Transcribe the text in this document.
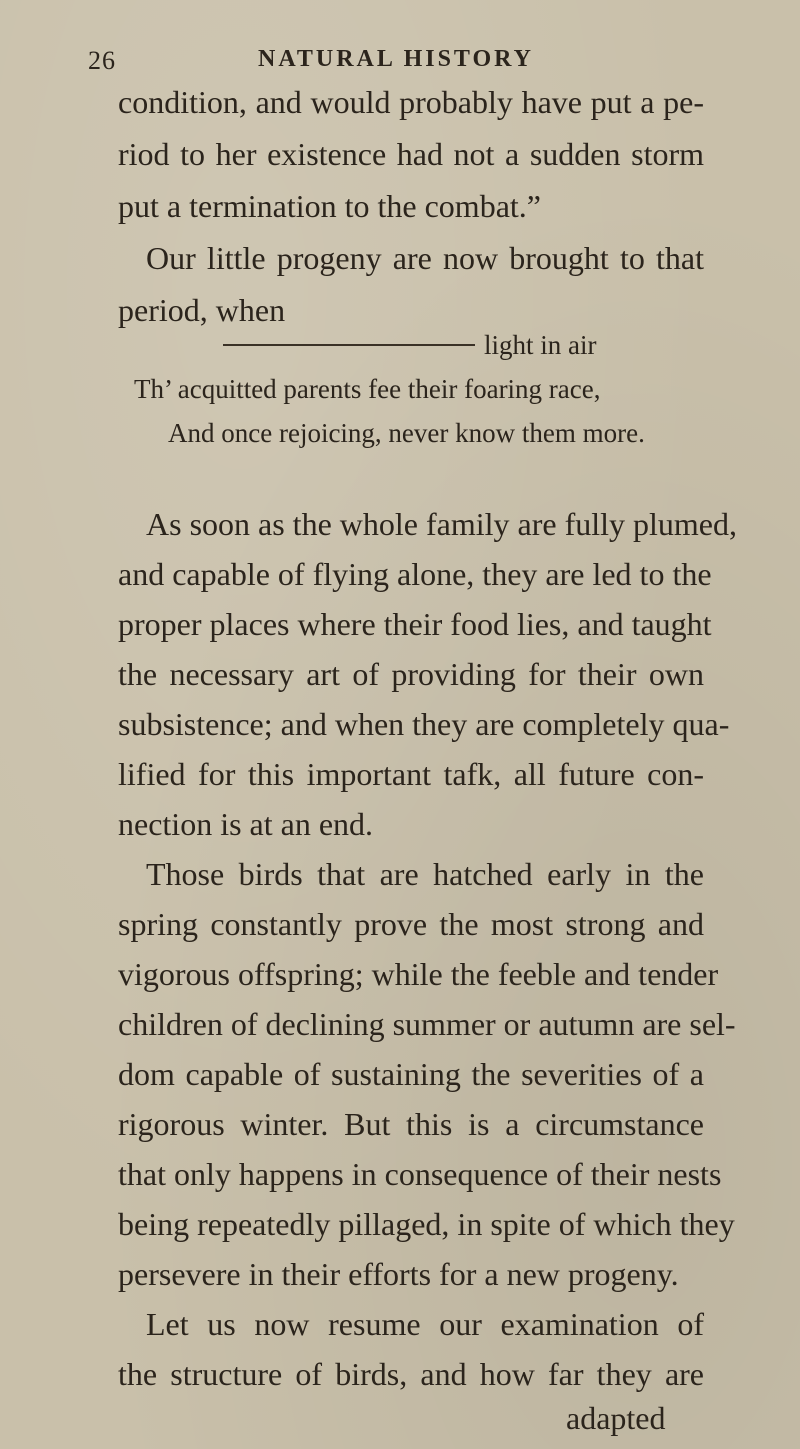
26	NATURAL HISTORY
condition, and would probably have put a pe-
riod to her existence had not a sudden storm
put a termination to the combat.”
Our little progeny are now brought to that
period, when
light in air
Th’ acquitted parents fee their foaring race,
And once rejoicing, never know them more.
As soon as the whole family are fully plumed,
and capable of flying alone, they are led to the
proper places where their food lies, and taught
the necessary art of providing for their own
subsistence; and when they are completely qua-
lified for this important tafk, all future con-
nection is at an end.
Those birds that are hatched early in the
spring constantly prove the most strong and
vigorous offspring; while the feeble and tender
children of declining summer or autumn are sel-
dom capable of sustaining the severities of a
rigorous winter. But this is a circumstance
that only happens in consequence of their nests
being repeatedly pillaged, in spite of which they
persevere in their efforts for a new progeny.
Let us now resume our examination of
the structure of birds, and how far they are
adapted
